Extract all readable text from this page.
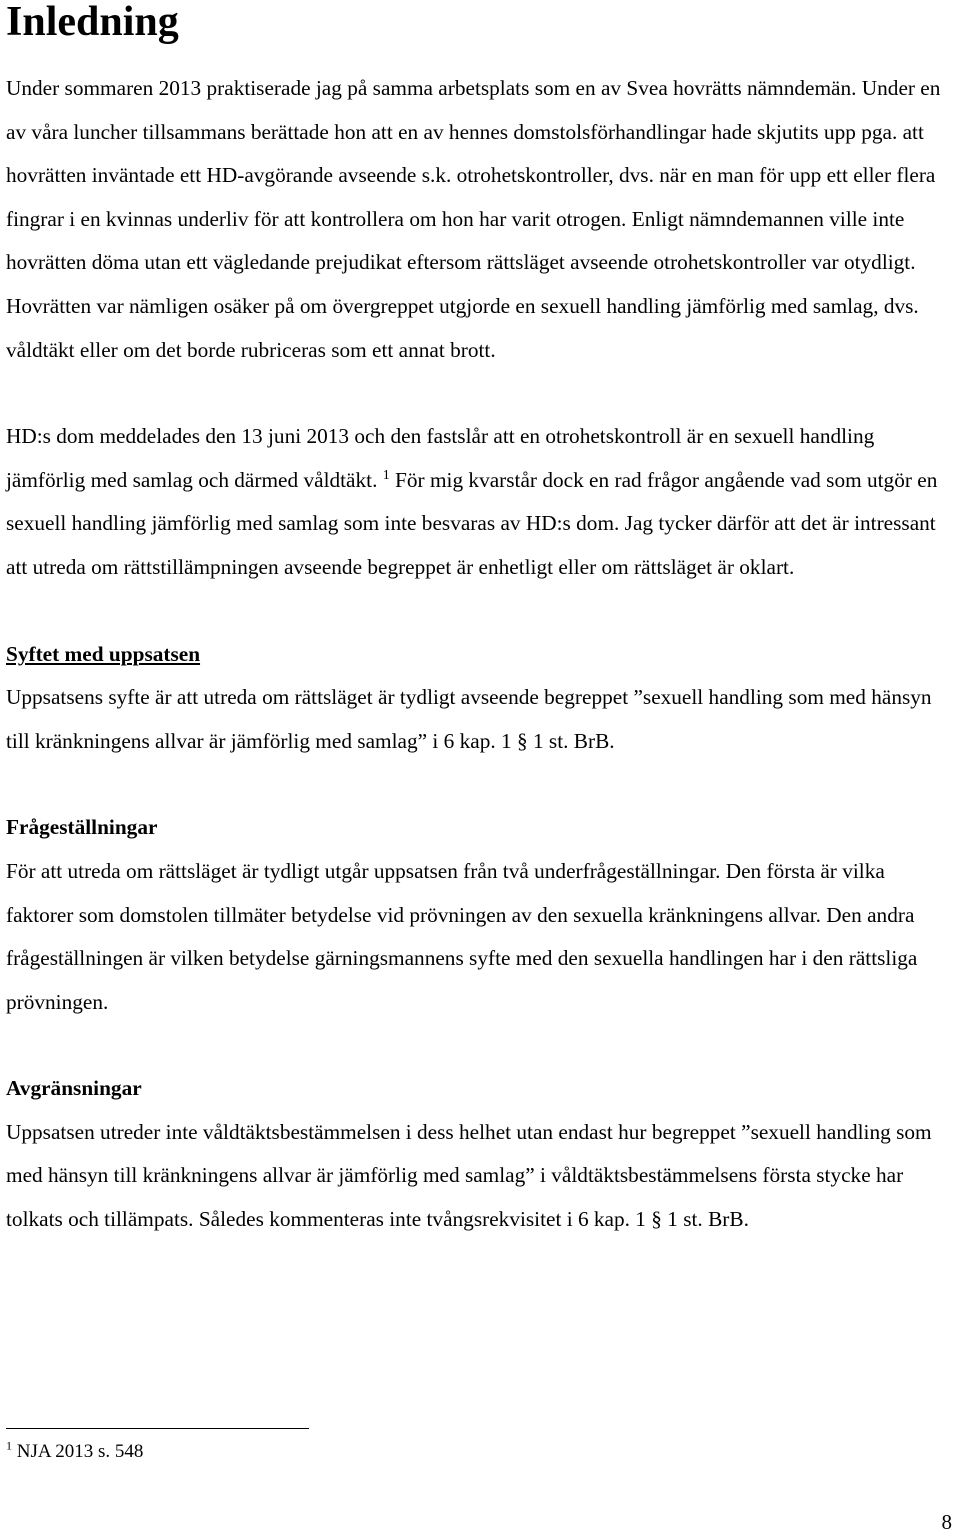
Inledning

Under sommaren 2013 praktiserade jag på samma arbetsplats som en av Svea hovrätts nämndemän. Under en av våra luncher tillsammans berättade hon att en av hennes domstolsförhandlingar hade skjutits upp pga. att hovrätten inväntade ett HD-avgörande avseende s.k. otrohetskontroller, dvs. när en man för upp ett eller flera fingrar i en kvinnas underliv för att kontrollera om hon har varit otrogen. Enligt nämndemannen ville inte hovrätten döma utan ett vägledande prejudikat eftersom rättsläget avseende otrohetskontroller var otydligt. Hovrätten var nämligen osäker på om övergreppet utgjorde en sexuell handling jämförlig med samlag, dvs. våldtäkt eller om det borde rubriceras som ett annat brott.

HD:s dom meddelades den 13 juni 2013 och den fastslår att en otrohetskontroll är en sexuell handling jämförlig med samlag och därmed våldtäkt. $^1$ För mig kvarstår dock en rad frågor angående vad som utgör en sexuell handling jämförlig med samlag som inte besvaras av HD:s dom. Jag tycker därför att det är intressant att utreda om rättstillämpningen avseende begreppet är enhetligt eller om rättsläget är oklart.

Syftet med uppsatsen

Uppsatsens syfte är att utreda om rättsläget är tydligt avseende begreppet ”sexuell handling som med hänsyn till kränkningens allvar är jämförlig med samlag” i 6 kap. 1 § 1 st. BrB.

Frågeställningar

För att utreda om rättsläget är tydligt utgår uppsatsen från två underfrågeställningar. Den första är vilka faktorer som domstolen tillmäter betydelse vid prövningen av den sexuella kränkningens allvar. Den andra frågeställningen är vilken betydelse gärningsmannens syfte med den sexuella handlingen har i den rättsliga prövningen.

Avgränsningar

Uppsatsen utreder inte våldtäktsbestämmelsen i dess helhet utan endast hur begreppet ”sexuell handling som med hänsyn till kränkningens allvar är jämförlig med samlag” i våldtäktsbestämmelsens första stycke har tolkats och tillämpats. Således kommenteras inte tvångsrekvisitet i 6 kap. 1 § 1 st. BrB.

$^1$ NJA 2013 s. 548
8
